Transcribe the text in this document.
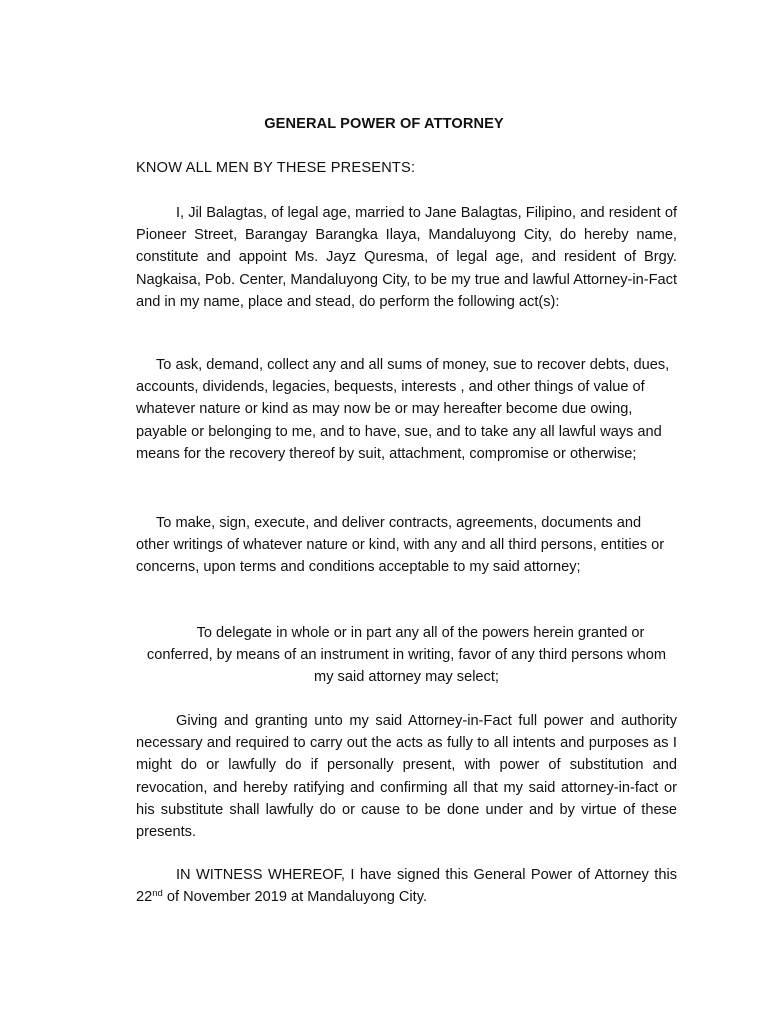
GENERAL POWER OF ATTORNEY
KNOW ALL MEN BY THESE PRESENTS:
I, Jil Balagtas, of legal age, married to Jane Balagtas, Filipino, and resident of Pioneer Street, Barangay Barangka Ilaya, Mandaluyong City, do hereby name, constitute and appoint Ms. Jayz Quresma, of legal age, and resident of Brgy. Nagkaisa, Pob. Center, Mandaluyong City, to be my true and lawful Attorney-in-Fact and in my name, place and stead, do perform the following act(s):
To ask, demand, collect any and all sums of money, sue to recover debts, dues, accounts, dividends, legacies, bequests, interests , and other things of value of whatever nature or kind as may now be or may hereafter become due owing, payable or belonging to me, and to have, sue, and to take any all lawful ways and means for the recovery thereof by suit, attachment, compromise or otherwise;
To make, sign, execute, and deliver contracts, agreements, documents and other writings of whatever nature or kind, with any and all third persons, entities or concerns, upon terms and conditions acceptable to my said attorney;
To delegate in whole or in part any all of the powers herein granted or conferred, by means of an instrument in writing, favor of any third persons whom my said attorney may select;
Giving and granting unto my said Attorney-in-Fact full power and authority necessary and required to carry out the acts as fully to all intents and purposes as I might do or lawfully do if personally present, with power of substitution and revocation, and hereby ratifying and confirming all that my said attorney-in-fact or his substitute shall lawfully do or cause to be done under and by virtue of these presents.
IN WITNESS WHEREOF, I have signed this General Power of Attorney this 22nd of November 2019 at Mandaluyong City.
